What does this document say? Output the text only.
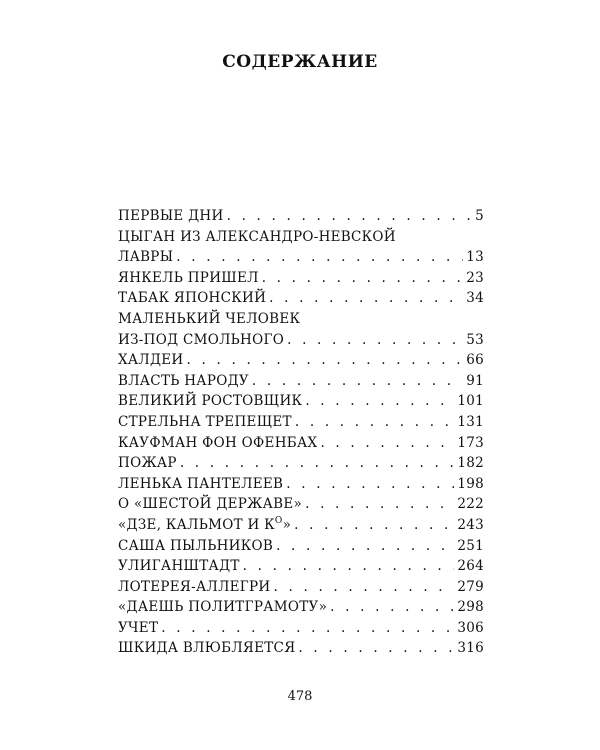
СОДЕРЖАНИЕ
ПЕРВЫЕ ДНИ . . .	5
ЦЫГАН ИЗ АЛЕКСАНДРО-НЕВСКОЙ
ЛАВРЫ . . .	13
ЯНКЕЛЬ ПРИШЕЛ . . .	23
ТАБАК ЯПОНСКИЙ . . .	34
МАЛЕНЬКИЙ ЧЕЛОВЕК
ИЗ-ПОД СМОЛЬНОГО . . .	53
ХАЛДЕИ . . .	66
ВЛАСТЬ НАРОДУ . . .	91
ВЕЛИКИЙ РОСТОВЩИК . . .	101
СТРЕЛЬНА ТРЕПЕЩЕТ . . .	131
КАУФМАН ФОН ОФЕНБАХ . . .	173
ПОЖАР . . .	182
ЛЕНЬКА ПАНТЕЛЕЕВ . . .	198
О «ШЕСТОЙ ДЕРЖАВЕ» . . .	222
«ДЗЕ, КАЛЬМОТ И $К^О$» . . .	243
САША ПЫЛЬНИКОВ . . .	251
УЛИГАНШТАДТ . . .	264
ЛОТЕРЕЯ-АЛЛЕГРИ . . .	279
«ДАЕШЬ ПОЛИТГРАМОТУ» . . .	298
УЧЕТ . . .	306
ШКИДА ВЛЮБЛЯЕТСЯ . . .	316
478
